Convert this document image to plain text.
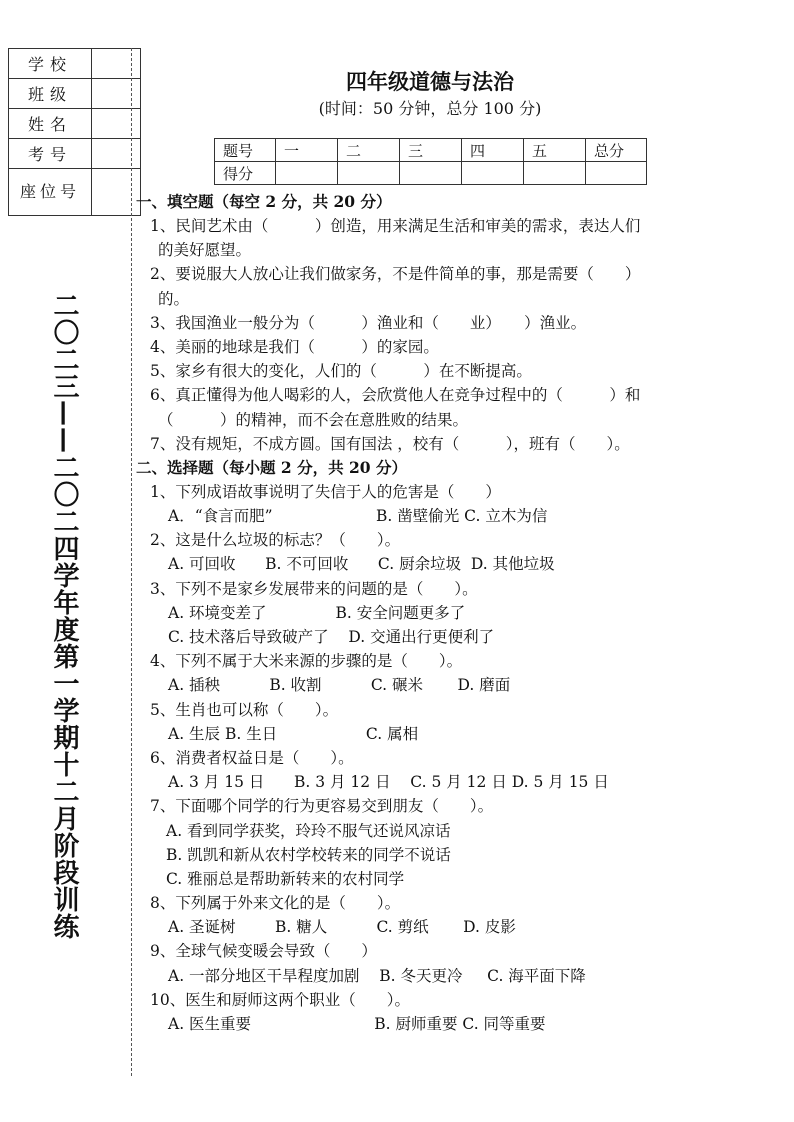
学校	
班级	
姓名	
考号	
座位号	
二〇二三——二〇二四学年度第一学期十二月阶段训练
四年级道德与法治
(时间：50 分钟，总分 100 分)
题号	一	二	三	四	五	总分
得分						
一、填空题（每空 2 分，共 20 分）
1、民间艺术由（　　　）创造，用来满足生活和审美的需求，表达人们
的美好愿望。
2、要说服大人放心让我们做家务，不是件简单的事，那是需要（　　）
的。
3、我国渔业一般分为（　　　）渔业和（　　业）　　）渔业。
4、美丽的地球是我们（　　　）的家园。
5、家乡有很大的变化，人们的（　　　）在不断提高。
6、真正懂得为他人喝彩的人，会欣赏他人在竞争过程中的（　　　）和
（　　　）的精神，而不会在意胜败的结果。
7、没有规矩，不成方圆。国有国法 ，校有（　　　），班有（　　）。
二、选择题（每小题 2 分，共 20 分）
1、下列成语故事说明了失信于人的危害是（　　）
A．“食言而肥”                     B. 凿壁偷光 C. 立木为信
2、这是什么垃圾的标志？（　　）。
A. 可回收      B. 不可回收      C. 厨余垃圾  D. 其他垃圾
3、下列不是家乡发展带来的问题的是（　　）。
A. 环境变差了              B. 安全问题更多了
C. 技术落后导致破产了    D. 交通出行更便利了
4、下列不属于大米来源的步骤的是（　　）。
A. 插秧          B. 收割          C. 碾米       D. 磨面
5、生肖也可以称（　　）。
A. 生辰 B. 生日                  C. 属相
6、消费者权益日是（　　）。
A. 3 月 15 日      B. 3 月 12 日    C. 5 月 12 日 D. 5 月 15 日
7、下面哪个同学的行为更容易交到朋友（　　）。
A. 看到同学获奖，玲玲不服气还说风凉话
B. 凯凯和新从农村学校转来的同学不说话
C. 雅丽总是帮助新转来的农村同学
8、下列属于外来文化的是（　　）。
A. 圣诞树        B. 糖人          C. 剪纸       D. 皮影
9、全球气候变暖会导致（　　）
A. 一部分地区干旱程度加剧    B. 冬天更冷     C. 海平面下降
10、医生和厨师这两个职业（　　）。
A. 医生重要                         B. 厨师重要 C. 同等重要
